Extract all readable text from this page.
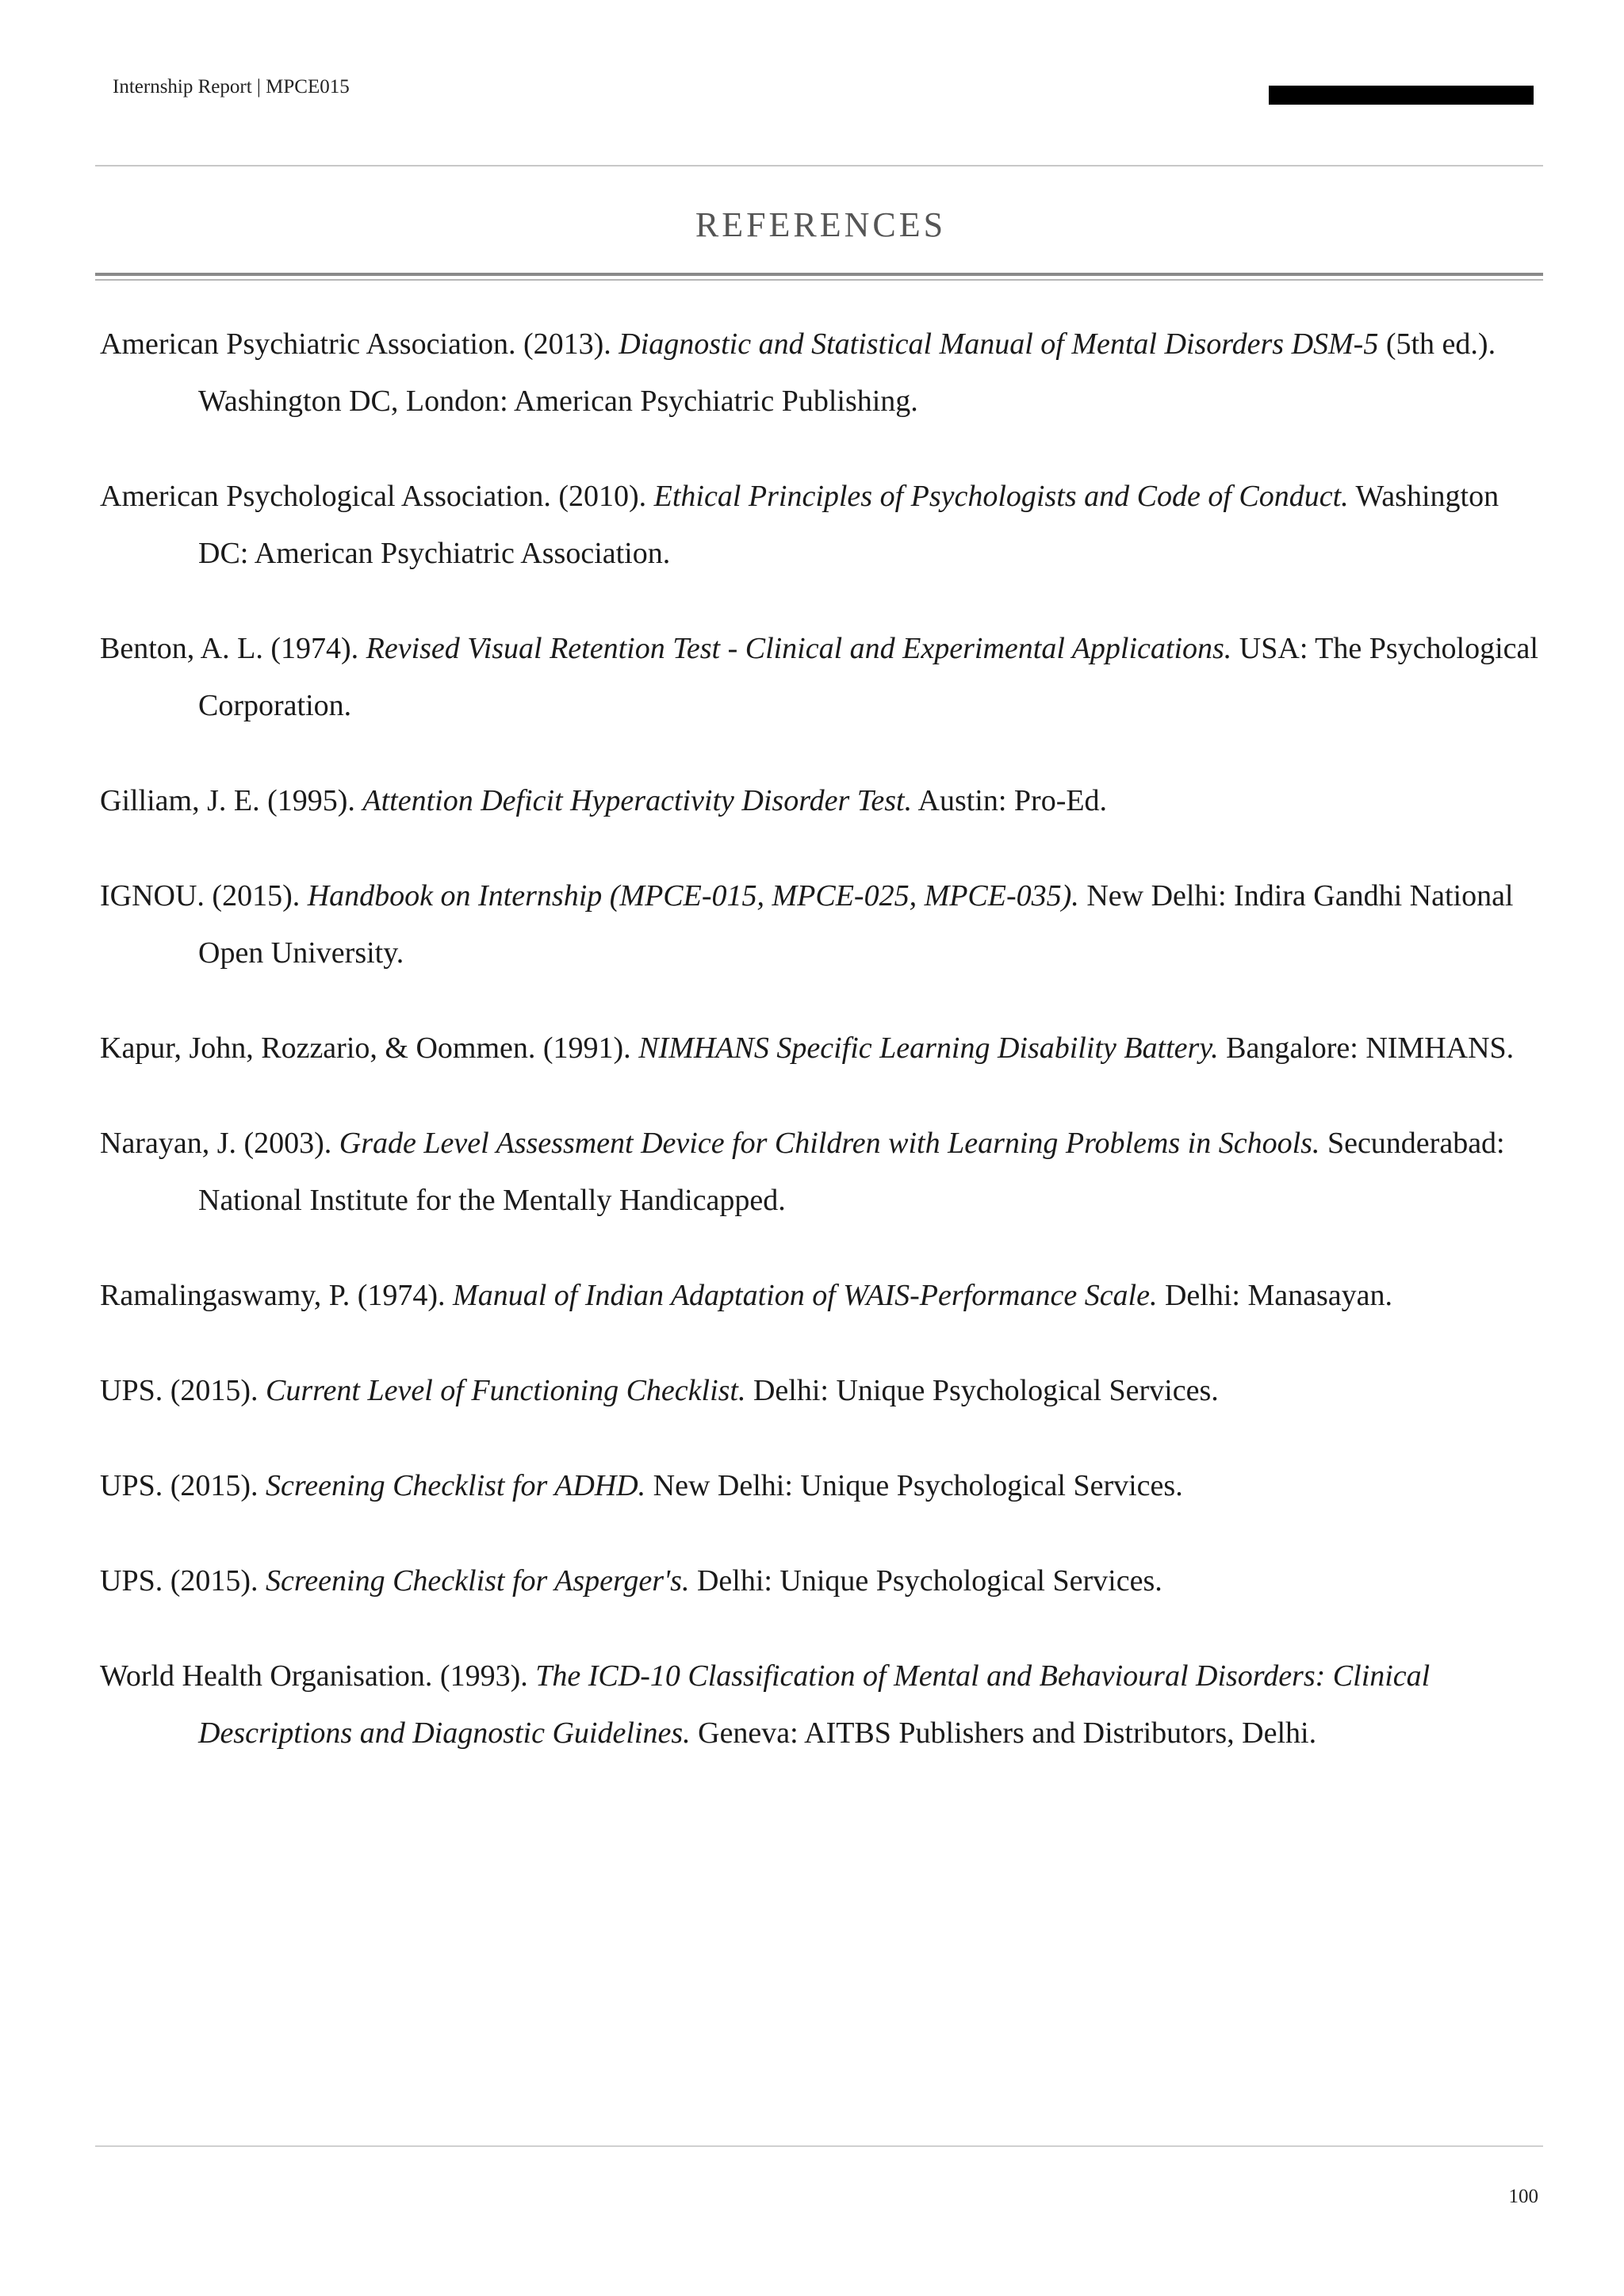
Internship Report | MPCE015
REFERENCES

American Psychiatric Association. (2013). Diagnostic and Statistical Manual of Mental Disorders DSM-5 (5th ed.). Washington DC, London: American Psychiatric Publishing.

American Psychological Association. (2010). Ethical Principles of Psychologists and Code of Conduct. Washington DC: American Psychiatric Association.

Benton, A. L. (1974). Revised Visual Retention Test - Clinical and Experimental Applications. USA: The Psychological Corporation.

Gilliam, J. E. (1995). Attention Deficit Hyperactivity Disorder Test. Austin: Pro-Ed.

IGNOU. (2015). Handbook on Internship (MPCE-015, MPCE-025, MPCE-035). New Delhi: Indira Gandhi National Open University.

Kapur, John, Rozzario, & Oommen. (1991). NIMHANS Specific Learning Disability Battery. Bangalore: NIMHANS.

Narayan, J. (2003). Grade Level Assessment Device for Children with Learning Problems in Schools. Secunderabad: National Institute for the Mentally Handicapped.

Ramalingaswamy, P. (1974). Manual of Indian Adaptation of WAIS-Performance Scale. Delhi: Manasayan.

UPS. (2015). Current Level of Functioning Checklist. Delhi: Unique Psychological Services.

UPS. (2015). Screening Checklist for ADHD. New Delhi: Unique Psychological Services.

UPS. (2015). Screening Checklist for Asperger's. Delhi: Unique Psychological Services.

World Health Organisation. (1993). The ICD-10 Classification of Mental and Behavioural Disorders: Clinical Descriptions and Diagnostic Guidelines. Geneva: AITBS Publishers and Distributors, Delhi.

100
